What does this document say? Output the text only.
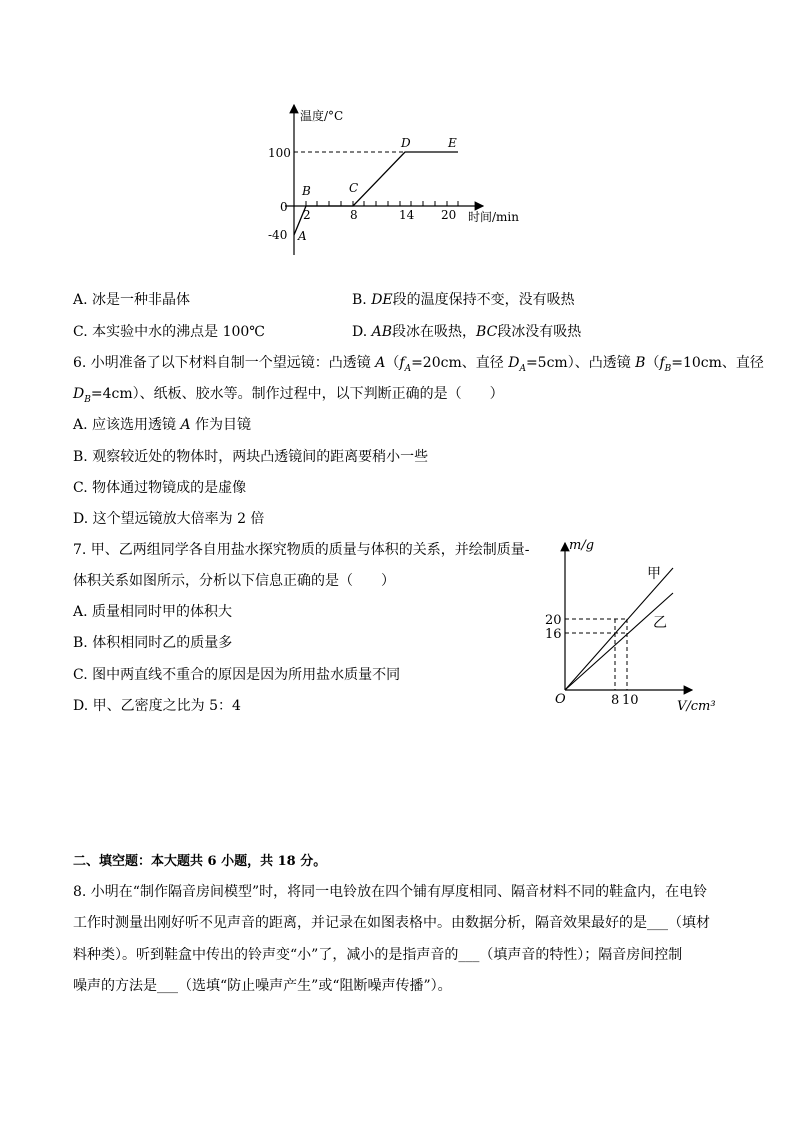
100
0
-40
2	8	14 20
温度/°C
时间/min
A
B	C
D	E
A. 冰是一种非晶体	B. DE段的温度保持不变，没有吸热
C. 本实验中水的沸点是 100℃	D. AB段冰在吸热，BC段冰没有吸热
6. 小明准备了以下材料自制一个望远镜：凸透镜 $A(f_A=20cm$、直径 $D_A=5cm$）、凸透镜 $B(f_B=10cm$、直径
$D_B=4cm$）、纸板、胶水等。制作过程中，以下判断正确的是（　　）
A. 应该选用透镜 A 作为目镜
B. 观察较近处的物体时，两块凸透镜间的距离要稍小一些
C. 物体通过物镜成的是虚像
D. 这个望远镜放大倍率为 2 倍
7. 甲、乙两组同学各自用盐水探究物质的质量与体积的关系，并绘制质量-
体积关系如图所示，分析以下信息正确的是（　　）
A. 质量相同时甲的体积大
B. 体积相同时乙的质量多
C. 图中两直线不重合的原因是因为所用盐水质量不同
D. 甲、乙密度之比为 5：4
m/g
V/cm³
O
20
16
8 10
甲
乙
二、填空题：本大题共 6 小题，共 18 分。
8. 小明在“制作隔音房间模型”时，将同一电铃放在四个铺有厚度相同、隔音材料不同的鞋盒内，在电铃
工作时测量出刚好听不见声音的距离，并记录在如图表格中。由数据分析，隔音效果最好的是___（填材
料种类）。听到鞋盒中传出的铃声变“小”了，减小的是指声音的___（填声音的特性）；隔音房间控制
噪声的方法是___（选填“防止噪声产生”或“阻断噪声传播”）。
